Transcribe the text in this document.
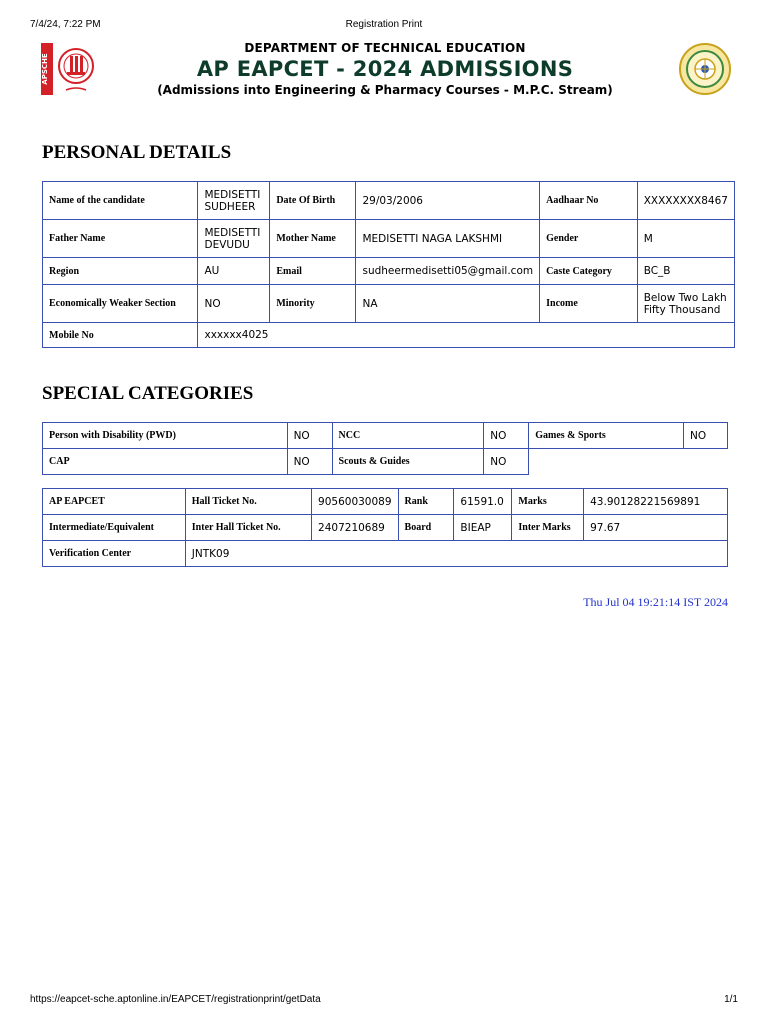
7/4/24, 7:22 PM	Registration Print
APSCHE
DEPARTMENT OF TECHNICAL EDUCATION
AP EAPCET - 2024 ADMISSIONS
(Admissions into Engineering & Pharmacy Courses - M.P.C. Stream)
PERSONAL DETAILS
Name of the candidate	MEDISETTI SUDHEER	Date Of Birth	29/03/2006	Aadhaar No	XXXXXXXX8467
Father Name	MEDISETTI DEVUDU	Mother Name	MEDISETTI NAGA LAKSHMI	Gender	M
Region	AU	Email	sudheermedisetti05@gmail.com	Caste Category	BC_B
Economically Weaker Section	NO	Minority	NA	Income	Below Two Lakh Fifty Thousand
Mobile No	xxxxxx4025				
SPECIAL CATEGORIES
Person with Disability (PWD)	NO	NCC	NO	Games & Sports	NO
CAP	NO	Scouts & Guides	NO		
AP EAPCET	Hall Ticket No.	90560030089	Rank	61591.0	Marks	43.90128221569891
Intermediate/Equivalent	Inter Hall Ticket No.	2407210689	Board	BIEAP	Inter Marks	97.67
Verification Center	JNTK09					
Thu Jul 04 19:21:14 IST 2024
https://eapcet-sche.aptonline.in/EAPCET/registrationprint/getData	1/1
